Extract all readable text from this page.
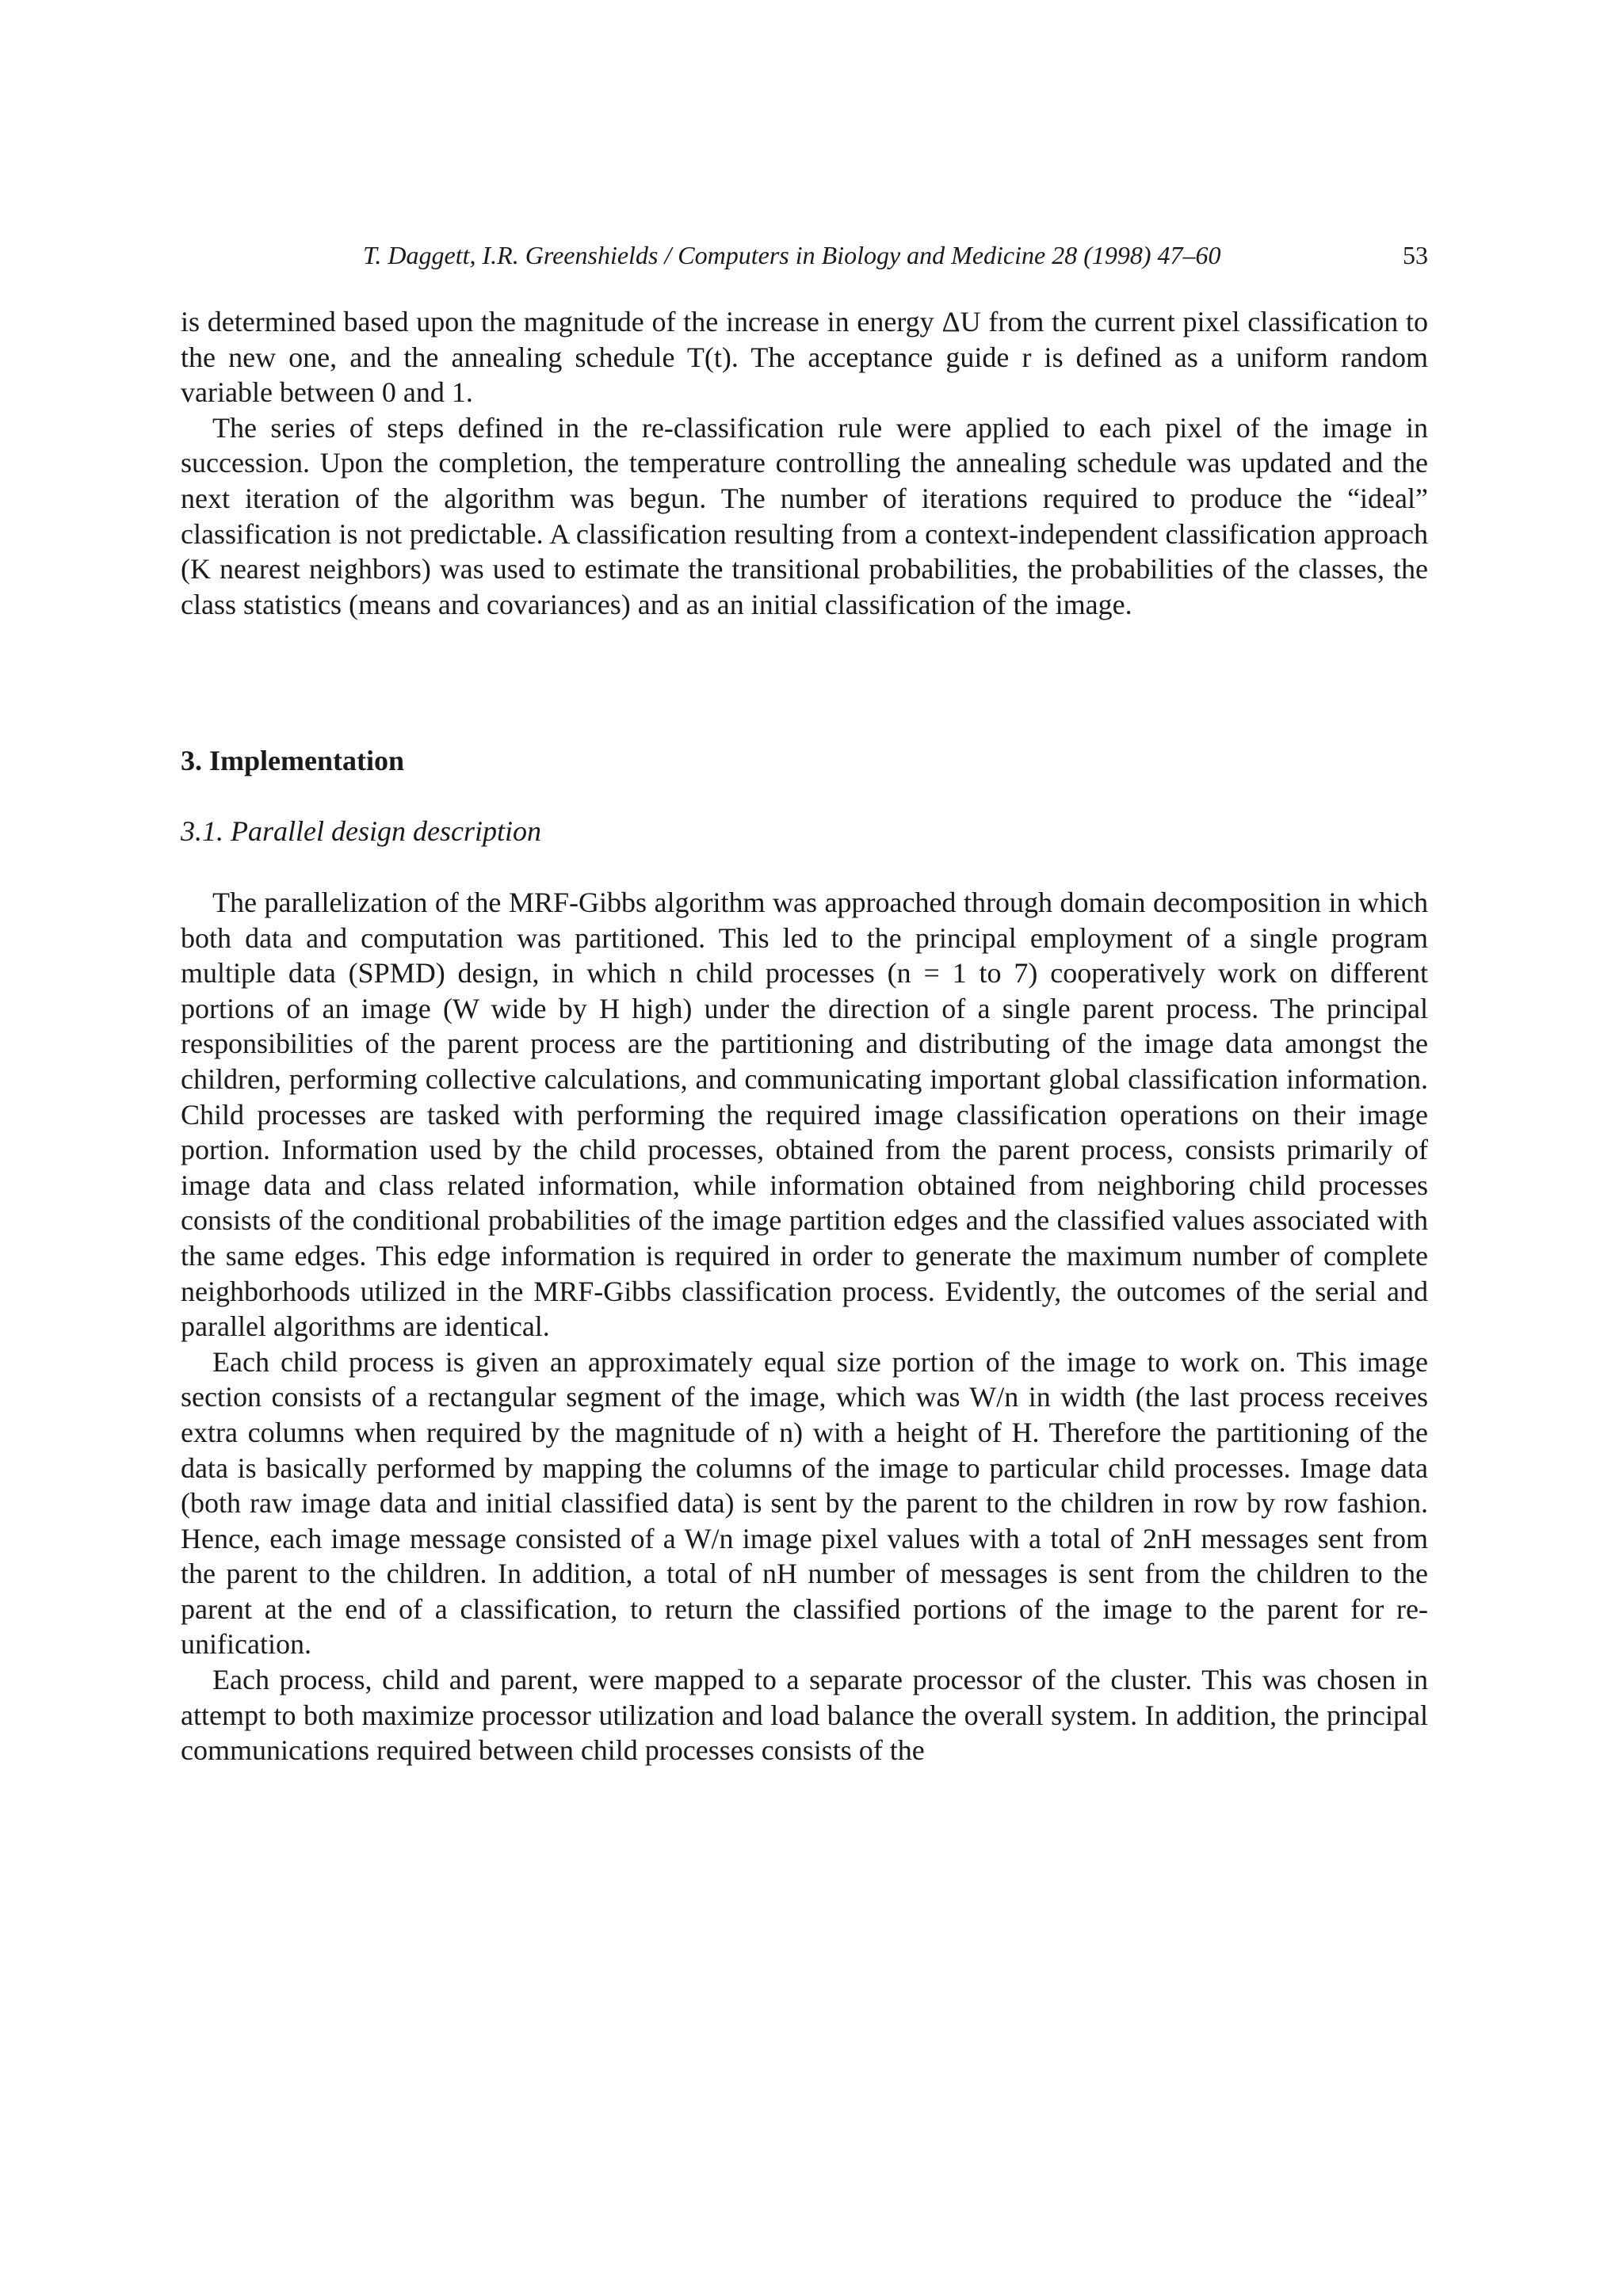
T. Daggett, I.R. Greenshields / Computers in Biology and Medicine 28 (1998) 47–60	53

is determined based upon the magnitude of the increase in energy ΔU from the current pixel classification to the new one, and the annealing schedule T(t). The acceptance guide r is defined as a uniform random variable between 0 and 1.

The series of steps defined in the re-classification rule were applied to each pixel of the image in succession. Upon the completion, the temperature controlling the annealing schedule was updated and the next iteration of the algorithm was begun. The number of iterations required to produce the “ideal” classification is not predictable. A classification resulting from a context-independent classification approach (K nearest neighbors) was used to estimate the transitional probabilities, the probabilities of the classes, the class statistics (means and covariances) and as an initial classification of the image.

3. Implementation
3.1. Parallel design description

The parallelization of the MRF-Gibbs algorithm was approached through domain decomposition in which both data and computation was partitioned. This led to the principal employment of a single program multiple data (SPMD) design, in which n child processes (n = 1 to 7) cooperatively work on different portions of an image (W wide by H high) under the direction of a single parent process. The principal responsibilities of the parent process are the partitioning and distributing of the image data amongst the children, performing collective calculations, and communicating important global classification information. Child processes are tasked with performing the required image classification operations on their image portion. Information used by the child processes, obtained from the parent process, consists primarily of image data and class related information, while information obtained from neighboring child processes consists of the conditional probabilities of the image partition edges and the classified values associated with the same edges. This edge information is required in order to generate the maximum number of complete neighborhoods utilized in the MRF-Gibbs classification process. Evidently, the outcomes of the serial and parallel algorithms are identical.

Each child process is given an approximately equal size portion of the image to work on. This image section consists of a rectangular segment of the image, which was W/n in width (the last process receives extra columns when required by the magnitude of n) with a height of H. Therefore the partitioning of the data is basically performed by mapping the columns of the image to particular child processes. Image data (both raw image data and initial classified data) is sent by the parent to the children in row by row fashion. Hence, each image message consisted of a W/n image pixel values with a total of 2nH messages sent from the parent to the children. In addition, a total of nH number of messages is sent from the children to the parent at the end of a classification, to return the classified portions of the image to the parent for re-unification.

Each process, child and parent, were mapped to a separate processor of the cluster. This was chosen in attempt to both maximize processor utilization and load balance the overall system. In addition, the principal communications required between child processes consists of the
